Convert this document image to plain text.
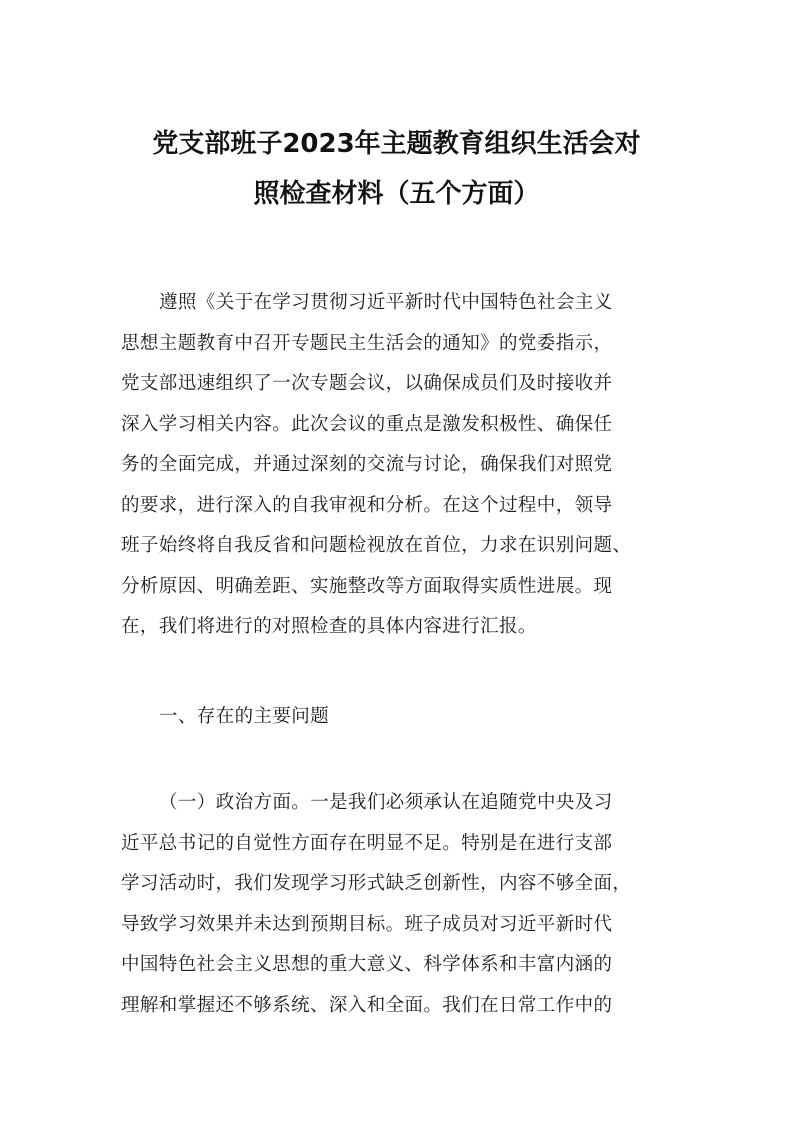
党支部班子2023年主题教育组织生活会对
照检查材料（五个方面）
遵照《关于在学习贯彻习近平新时代中国特色社会主义
思想主题教育中召开专题民主生活会的通知》的党委指示，
党支部迅速组织了一次专题会议，以确保成员们及时接收并
深入学习相关内容。此次会议的重点是激发积极性、确保任
务的全面完成，并通过深刻的交流与讨论，确保我们对照党
的要求，进行深入的自我审视和分析。在这个过程中，领导
班子始终将自我反省和问题检视放在首位，力求在识别问题、
分析原因、明确差距、实施整改等方面取得实质性进展。现
在，我们将进行的对照检查的具体内容进行汇报。
一、存在的主要问题
（一）政治方面。一是我们必须承认在追随党中央及习
近平总书记的自觉性方面存在明显不足。特别是在进行支部
学习活动时，我们发现学习形式缺乏创新性，内容不够全面，
导致学习效果并未达到预期目标。班子成员对习近平新时代
中国特色社会主义思想的重大意义、科学体系和丰富内涵的
理解和掌握还不够系统、深入和全面。我们在日常工作中的
